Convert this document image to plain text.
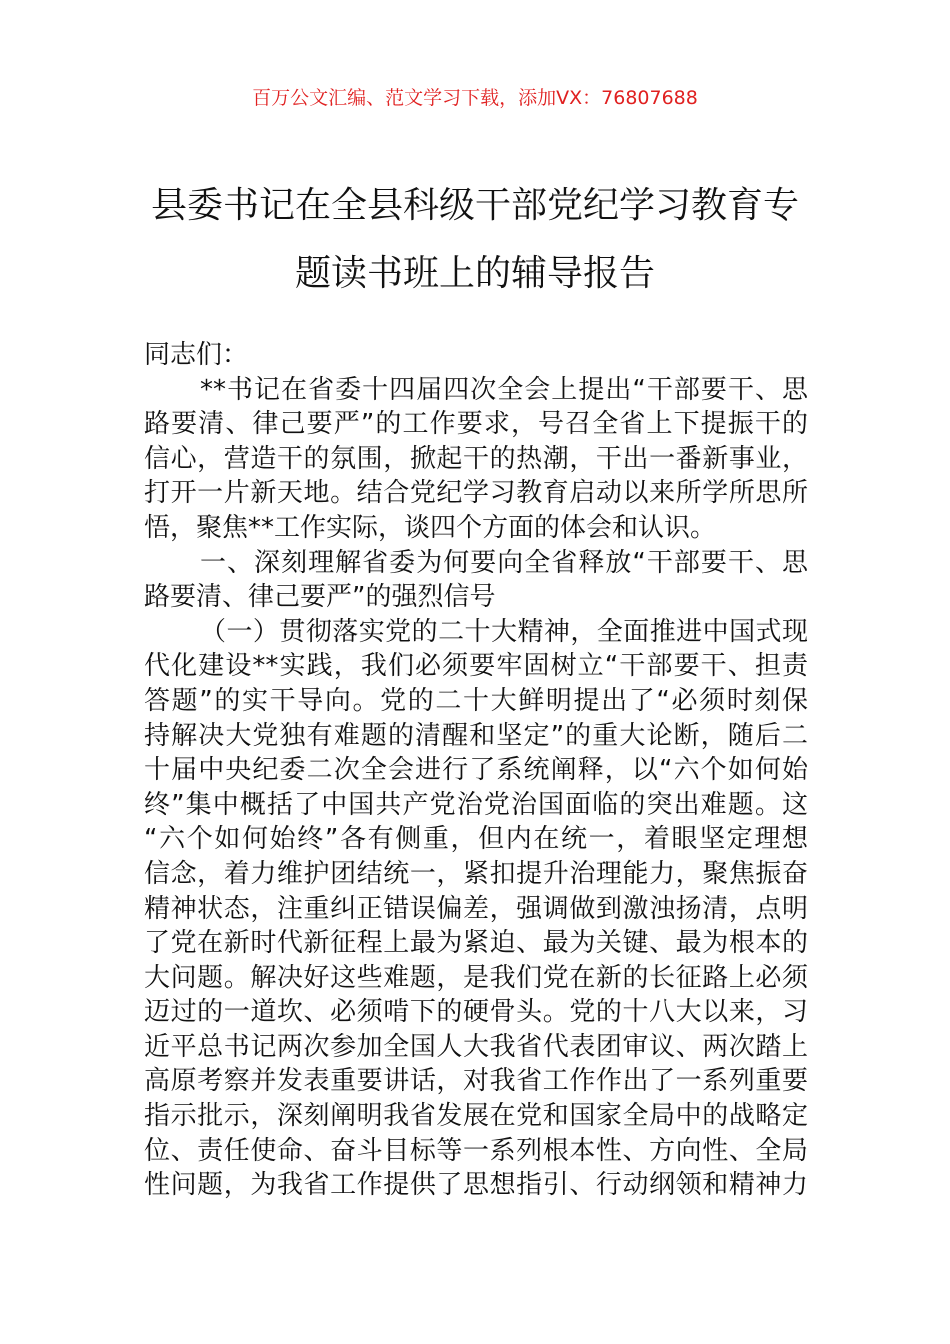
百万公文汇编、范文学习下载，添加VX：76807688
县委书记在全县科级干部党纪学习教育专
题读书班上的辅导报告
同志们：
**书记在省委十四届四次全会上提出“干部要干、思
路要清、律己要严”的工作要求，号召全省上下提振干的
信心，营造干的氛围，掀起干的热潮，干出一番新事业，
打开一片新天地。结合党纪学习教育启动以来所学所思所
悟，聚焦**工作实际，谈四个方面的体会和认识。
一、深刻理解省委为何要向全省释放“干部要干、思
路要清、律己要严”的强烈信号
（一）贯彻落实党的二十大精神，全面推进中国式现
代化建设**实践，我们必须要牢固树立“干部要干、担责
答题”的实干导向。党的二十大鲜明提出了“必须时刻保
持解决大党独有难题的清醒和坚定”的重大论断，随后二
十届中央纪委二次全会进行了系统阐释，以“六个如何始
终”集中概括了中国共产党治党治国面临的突出难题。这
“六个如何始终”各有侧重，但内在统一，着眼坚定理想
信念，着力维护团结统一，紧扣提升治理能力，聚焦振奋
精神状态，注重纠正错误偏差，强调做到激浊扬清，点明
了党在新时代新征程上最为紧迫、最为关键、最为根本的
大问题。解决好这些难题，是我们党在新的长征路上必须
迈过的一道坎、必须啃下的硬骨头。党的十八大以来，习
近平总书记两次参加全国人大我省代表团审议、两次踏上
高原考察并发表重要讲话，对我省工作作出了一系列重要
指示批示，深刻阐明我省发展在党和国家全局中的战略定
位、责任使命、奋斗目标等一系列根本性、方向性、全局
性问题，为我省工作提供了思想指引、行动纲领和精神力
